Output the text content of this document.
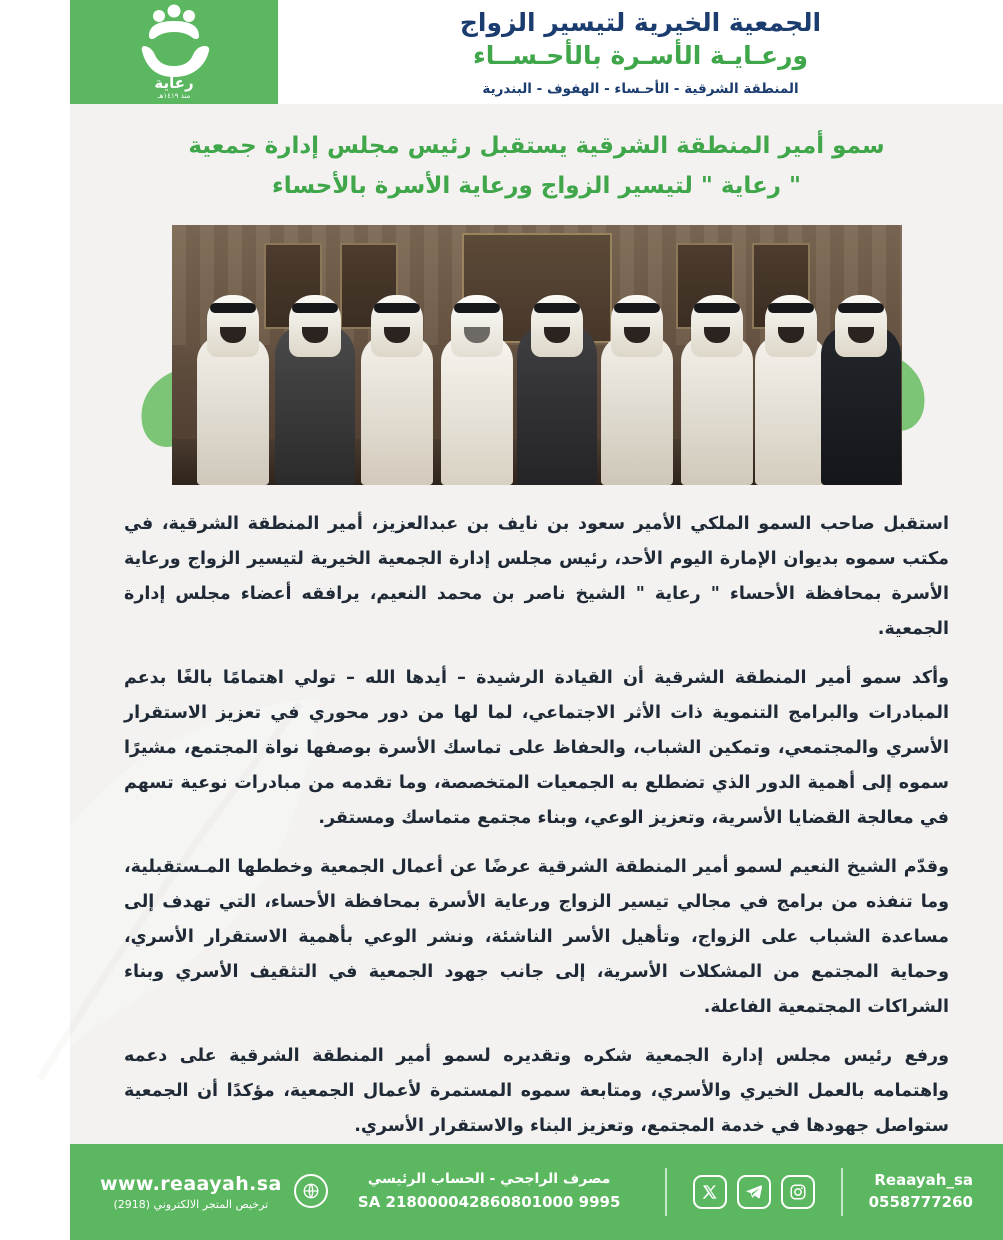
رعاية
منذ ١٤١٩هـ
الجمعية الخيرية لتيسير الزواج
ورعـايـة الأسـرة بالأحـســاء
المنطقة الشرقية - الأحـساء - الهفوف - البندرية
سمو أمير المنطقة الشرقية يستقبل رئيس مجلس إدارة جمعية
" رعاية " لتيسير الزواج ورعاية الأسرة بالأحساء

استقبل صاحب السمو الملكي الأمير سعود بن نايف بن عبدالعزيز، أمير المنطقة الشرقية، في مكتب سموه بديوان الإمارة اليوم الأحد، رئيس مجلس إدارة الجمعية الخيرية لتيسير الزواج ورعاية الأسرة بمحافظة الأحساء " رعاية " الشيخ ناصر بن محمد النعيم، يرافقه أعضاء مجلس إدارة الجمعية.

وأكد سمو أمير المنطقة الشرقية أن القيادة الرشيدة – أيدها الله – تولي اهتمامًا بالغًا بدعم المبادرات والبرامج التنموية ذات الأثر الاجتماعي، لما لها من دور محوري في تعزيز الاستقرار الأسري والمجتمعي، وتمكين الشباب، والحفاظ على تماسك الأسرة بوصفها نواة المجتمع، مشيرًا سموه إلى أهمية الدور الذي تضطلع به الجمعيات المتخصصة، وما تقدمه من مبادرات نوعية تسهم في معالجة القضايا الأسرية، وتعزيز الوعي، وبناء مجتمع متماسك ومستقر.

وقدّم الشيخ النعيم لسمو أمير المنطقة الشرقية عرضًا عن أعمال الجمعية وخططها المـستقبلية، وما تنفذه من برامج في مجالي تيسير الزواج ورعاية الأسرة بمحافظة الأحساء، التي تهدف إلى مساعدة الشباب على الزواج، وتأهيل الأسر الناشئة، ونشر الوعي بأهمية الاستقرار الأسري، وحماية المجتمع من المشكلات الأسرية، إلى جانب جهود الجمعية في التثقيف الأسري وبناء الشراكات المجتمعية الفاعلة.

ورفع رئيس مجلس إدارة الجمعية شكره وتقديره لسمو أمير المنطقة الشرقية على دعمه واهتمامه بالعمل الخيري والأسري، ومتابعة سموه المستمرة لأعمال الجمعية، مؤكدًا أن الجمعية ستواصل جهودها في خدمة المجتمع، وتعزيز البناء والاستقرار الأسري.

Reaayah_sa
0558777260
مصرف الراجحي - الحساب الرئيسي
SA 218000042860801000 9995
www.reaayah.sa
ترخيص المتجر الالكتروني (2918)
